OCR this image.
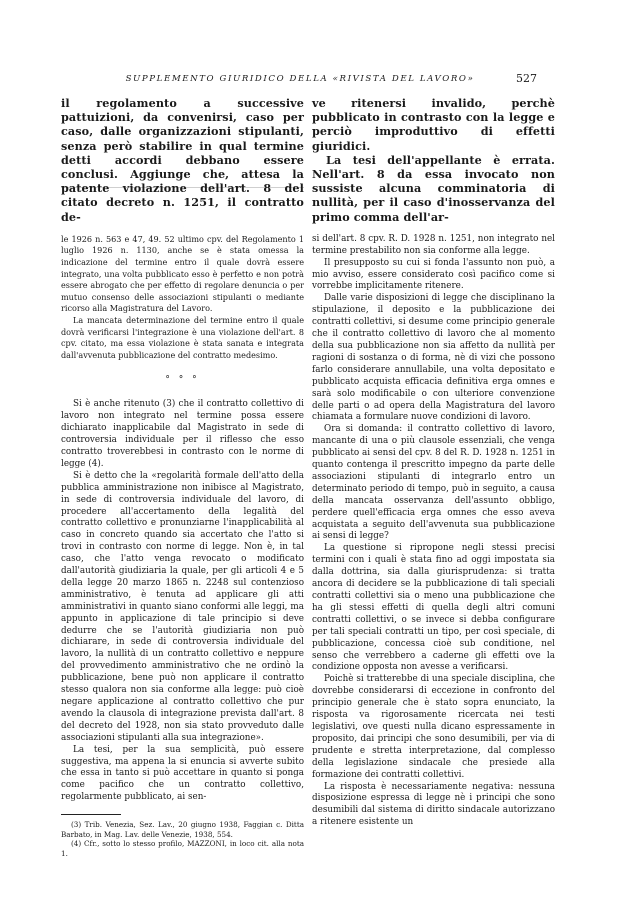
SUPPLEMENTO GIURIDICO DELLA «RIVISTA DEL LAVORO»	527

il regolamento a successive pattuizioni, da convenirsi, caso per caso, dalle organizzazioni stipulanti, senza però stabilire in qual termine detti accordi debbano essere conclusi. Aggiunge che, attesa la patente violazione dell'art. 8 del citato decreto n. 1251, il contratto de-

le 1926 n. 563 e 47, 49. 52 ultimo cpv. del Regolamento 1 luglio 1926 n. 1130, anche se è stata omessa la indicazione del termine entro il quale dovrà essere integrato, una volta pubblicato esso è perfetto e non potrà essere abrogato che per effetto di regolare denuncia o per mutuo consenso delle associazioni stipulanti o mediante ricorso alla Magistratura del Lavoro.

La mancata determinazione del termine entro il quale dovrà verificarsi l'integrazione è una violazione dell'art. 8 cpv. citato, ma essa violazione è stata sanata e integrata dall'avvenuta pubblicazione del contratto medesimo.

° ° °

Si è anche ritenuto (3) che il contratto collettivo di lavoro non integrato nel termine possa essere dichiarato inapplicabile dal Magistrato in sede di controversia individuale per il riflesso che esso contratto troverebbesi in contrasto con le norme di legge (4).

Si è detto che la «regolarità formale dell'atto della pubblica amministrazione non inibisce al Magistrato, in sede di controversia individuale del lavoro, di procedere all'accertamento della legalità del contratto collettivo e pronunziarne l'inapplicabilità al caso in concreto quando sia accertato che l'atto si trovi in contrasto con norme di legge. Non è, in tal caso, che l'atto venga revocato o modificato dall'autorità giudiziaria la quale, per gli articoli 4 e 5 della legge 20 marzo 1865 n. 2248 sul contenzioso amministrativo, è tenuta ad applicare gli atti amministrativi in quanto siano conformi alle leggi, ma appunto in applicazione di tale principio si deve dedurre che se l'autorità giudiziaria non può dichiarare, in sede di controversia individuale del lavoro, la nullità di un contratto collettivo e neppure del provvedimento amministrativo che ne ordinò la pubblicazione, bene può non applicare il contratto stesso qualora non sia conforme alla legge: può cioè negare applicazione al contratto collettivo che pur avendo la clausola di integrazione prevista dall'art. 8 del decreto del 1928, non sia stato provveduto dalle associazioni stipulanti alla sua integrazione».

La tesi, per la sua semplicità, può essere suggestiva, ma appena la si enuncia si avverte subito che essa in tanto si può accettare in quanto si ponga come pacifico che un contratto collettivo, regolarmente pubblicato, ai sen-

(3) Trib. Venezia, Sez. Lav., 20 giugno 1938, Faggian c. Ditta Barbato, in Mag. Lav. delle Venezie, 1938, 554.

(4) Cfr., sotto lo stesso profilo, MAZZONI, in loco cit. alla nota 1.

ve ritenersi invalido, perchè pubblicato in contrasto con la legge e perciò improduttivo di effetti giuridici.

La tesi dell'appellante è errata. Nell'art. 8 da essa invocato non sussiste alcuna comminatoria di nullità, per il caso d'inosservanza del primo comma dell'ar-

si dell'art. 8 cpv. R. D. 1928 n. 1251, non integrato nel termine prestabilito non sia conforme alla legge.

Il presupposto su cui si fonda l'assunto non può, a mio avviso, essere considerato così pacifico come si vorrebbe implicitamente ritenere.

Dalle varie disposizioni di legge che disciplinano la stipulazione, il deposito e la pubblicazione dei contratti collettivi, si desume come principio generale che il contratto collettivo di lavoro che al momento della sua pubblicazione non sia affetto da nullità per ragioni di sostanza o di forma, nè di vizi che possono farlo considerare annullabile, una volta depositato e pubblicato acquista efficacia definitiva erga omnes e sarà solo modificabile o con ulteriore convenzione delle parti o ad opera della Magistratura del lavoro chiamata a formulare nuove condizioni di lavoro.

Ora si domanda: il contratto collettivo di lavoro, mancante di una o più clausole essenziali, che venga pubblicato ai sensi del cpv. 8 del R. D. 1928 n. 1251 in quanto contenga il prescritto impegno da parte delle associazioni stipulanti di integrarlo entro un determinato periodo di tempo, può in seguito, a causa della mancata osservanza dell'assunto obbligo, perdere quell'efficacia erga omnes che esso aveva acquistata a seguito dell'avvenuta sua pubblicazione ai sensi di legge?

La questione si ripropone negli stessi precisi termini con i quali è stata fino ad oggi impostata sia dalla dottrina, sia dalla giurisprudenza: si tratta ancora di decidere se la pubblicazione di tali speciali contratti collettivi sia o meno una pubblicazione che ha gli stessi effetti di quella degli altri comuni contratti collettivi, o se invece si debba configurare per tali speciali contratti un tipo, per così speciale, di pubblicazione, concessa cioè sub conditione, nel senso che verrebbero a caderne gli effetti ove la condizione opposta non avesse a verificarsi.

Poichè si tratterebbe di una speciale disciplina, che dovrebbe considerarsi di eccezione in confronto del principio generale che è stato sopra enunciato, la risposta va rigorosamente ricercata nei testi legislativi, ove questi nulla dicano espressamente in proposito, dai principi che sono desumibili, per via di prudente e stretta interpretazione, dal complesso della legislazione sindacale che presiede alla formazione dei contratti collettivi.

La risposta è necessariamente negativa: nessuna disposizione espressa di legge nè i principi che sono desumibili dal sistema di diritto sindacale autorizzano a ritenere esistente un
